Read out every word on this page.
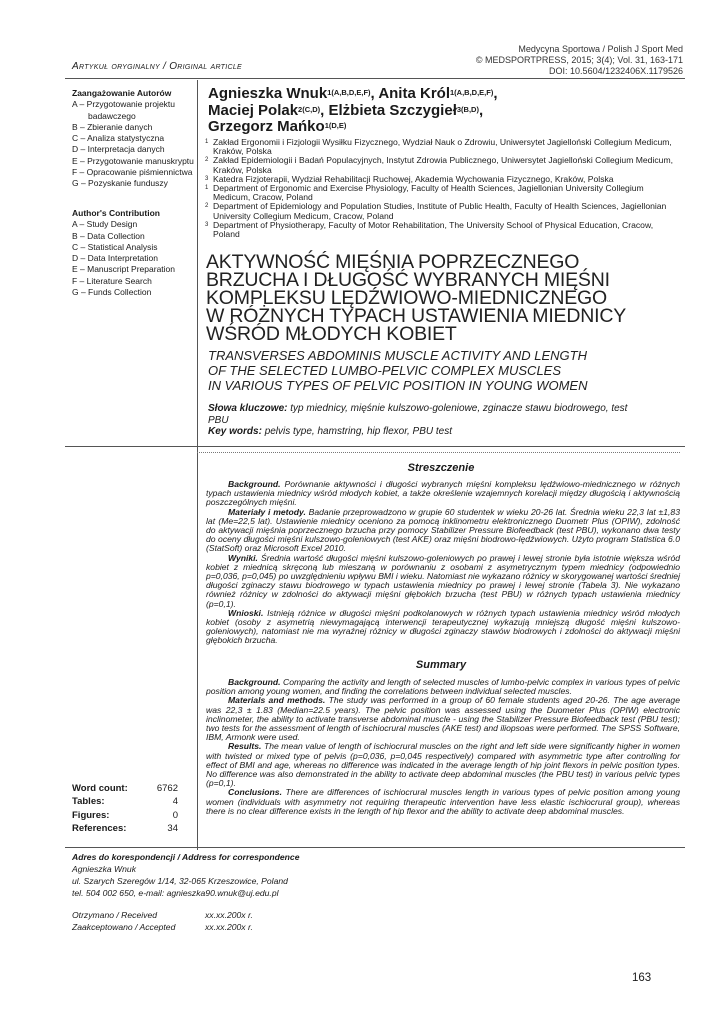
Medycyna Sportowa / Polish J Sport Med
© MEDSPORTPRESS, 2015; 3(4); Vol. 31, 163-171
DOI: 10.5604/1232406X.1179526
Artykuł oryginalny / Original article
Zaangażowanie Autorów
A – Przygotowanie projektu
badawczego
B – Zbieranie danych
C – Analiza statystyczna
D – Interpretacja danych
E – Przygotowanie manuskryptu
F – Opracowanie piśmiennictwa
G – Pozyskanie funduszy
Author's Contribution
A – Study Design
B – Data Collection
C – Statistical Analysis
D – Data Interpretation
E – Manuscript Preparation
F – Literature Search
G – Funds Collection
Agnieszka Wnuk$^{1(A,B,D,E,F)}$, Anita Król$^{1(A,B,D,E,F)}$,
Maciej Polak$^{2(C,D)}$, Elżbieta Szczygieł$^{3(B,D)}$,
Grzegorz Mańko$^{1(D,E)}$
1 Zakład Ergonomii i Fizjologii Wysiłku Fizycznego, Wydział Nauk o Zdrowiu, Uniwersytet Jagielloński Collegium Medicum, Kraków, Polska
2 Zakład Epidemiologii i Badań Populacyjnych, Instytut Zdrowia Publicznego, Uniwersytet Jagielloński Collegium Medicum, Kraków, Polska
3 Katedra Fizjoterapii, Wydział Rehabilitacji Ruchowej, Akademia Wychowania Fizycznego, Kraków, Polska
1 Department of Ergonomic and Exercise Physiology, Faculty of Health Sciences, Jagiellonian University Collegium Medicum, Cracow, Poland
2 Department of Epidemiology and Population Studies, Institute of Public Health, Faculty of Health Sciences, Jagiellonian University Collegium Medicum, Cracow, Poland
3 Department of Physiotherapy, Faculty of Motor Rehabilitation, The University School of Physical Education, Cracow, Poland
AKTYWNOŚĆ MIĘŚNIA POPRZECZNEGO
BRZUCHA I DŁUGOŚĆ WYBRANYCH MIĘŚNI
KOMPLEKSU LĘDŹWIOWO-MIEDNICZNEGO
W RÓŻNYCH TYPACH USTAWIENIA MIEDNICY
WŚRÓD MŁODYCH KOBIET
TRANSVERSES ABDOMINIS MUSCLE ACTIVITY AND LENGTH
OF THE SELECTED LUMBO-PELVIC COMPLEX MUSCLES
IN VARIOUS TYPES OF PELVIC POSITION IN YOUNG WOMEN
Słowa kluczowe: typ miednicy, mięśnie kulszowo-goleniowe, zginacze stawu biodrowego, test PBU
Key words: pelvis type, hamstring, hip flexor, PBU test
Streszczenie

Background. Porównanie aktywności i długości wybranych mięśni kompleksu lędźwiowo-miednicznego w różnych typach ustawienia miednicy wśród młodych kobiet, a także określenie wzajemnych korelacji między długością i aktywnością poszczególnych mięśni.

Materiały i metody. Badanie przeprowadzono w grupie 60 studentek w wieku 20-26 lat. Średnia wieku 22,3 lat ±1,83 lat (Me=22,5 lat). Ustawienie miednicy oceniono za pomocą inklinometru elektronicznego Duometr Plus (OPIW), zdolność do aktywacji mięśnia poprzecznego brzucha przy pomocy Stabilizer Pressure Biofeedback (test PBU), wykonano dwa testy do oceny długości mięśni kulszowo-goleniowych (test AKE) oraz mięśni biodrowo-lędźwiowych. Użyto program Statistica 6.0 (StatSoft) oraz Microsoft Excel 2010.

Wyniki. Średnia wartość długości mięśni kulszowo-goleniowych po prawej i lewej stronie była istotnie większa wśród kobiet z miednicą skręconą lub mieszaną w porównaniu z osobami z asymetrycznym typem miednicy (odpowiednio p=0,036, p=0,045) po uwzględnieniu wpływu BMI i wieku. Natomiast nie wykazano różnicy w skorygowanej wartości średniej długości zginaczy stawu biodrowego w typach ustawienia miednicy po prawej i lewej stronie (Tabela 3). Nie wykazano również różnicy w zdolności do aktywacji mięśni głębokich brzucha (test PBU) w różnych typach ustawienia miednicy (p=0,1).

Wnioski. Istnieją różnice w długości mięśni podkolanowych w różnych typach ustawienia miednicy wśród młodych kobiet (osoby z asymetrią niewymagającą interwencji terapeutycznej wykazują mniejszą długość mięśni kulszowo-goleniowych), natomiast nie ma wyraźnej różnicy w długości zginaczy stawów biodrowych i zdolności do aktywacji mięśni głębokich brzucha.

Summary

Background. Comparing the activity and length of selected muscles of lumbo-pelvic complex in various types of pelvic position among young women, and finding the correlations between individual selected muscles.

Materials and methods. The study was performed in a group of 60 female students aged 20-26. The age average was 22,3 ± 1.83 (Median=22.5 years). The pelvic position was assessed using the Duometer Plus (OPIW) electronic inclinometer, the ability to activate transverse abdominal muscle - using the Stabilizer Pressure Biofeedback test (PBU test); two tests for the assessment of length of ischiocrural muscles (AKE test) and iliopsoas were performed. The SPSS Software, IBM, Armonk were used.

Results. The mean value of length of ischiocrural muscles on the right and left side were significantly higher in women with twisted or mixed type of pelvis (p=0,036, p=0,045 respectively) compared with asymmetric type after controlling for effect of BMI and age, whereas no difference was indicated in the average length of hip joint flexors in pelvic position types. No difference was also demonstrated in the ability to activate deep abdominal muscles (the PBU test) in various pelvic types (p=0,1).

Conclusions. There are differences of ischiocrural muscles length in various types of pelvic position among young women (individuals with asymmetry not requiring therapeutic intervention have less elastic ischiocrural group), whereas there is no clear difference exists in the length of hip flexor and the ability to activate deep abdominal muscles.

Word count:	6762
Tables:	4
Figures:	0
References:	34
Adres do korespondencji / Address for correspondence
Agnieszka Wnuk
ul. Szarych Szeregów 1/14, 32-065 Krzeszowice, Poland
tel. 504 002 650, e-mail: agnieszka90.wnuk@uj.edu.pl
Otrzymano / Received	xx.xx.200x r.
Zaakceptowano / Accepted	xx.xx.200x r.
163
